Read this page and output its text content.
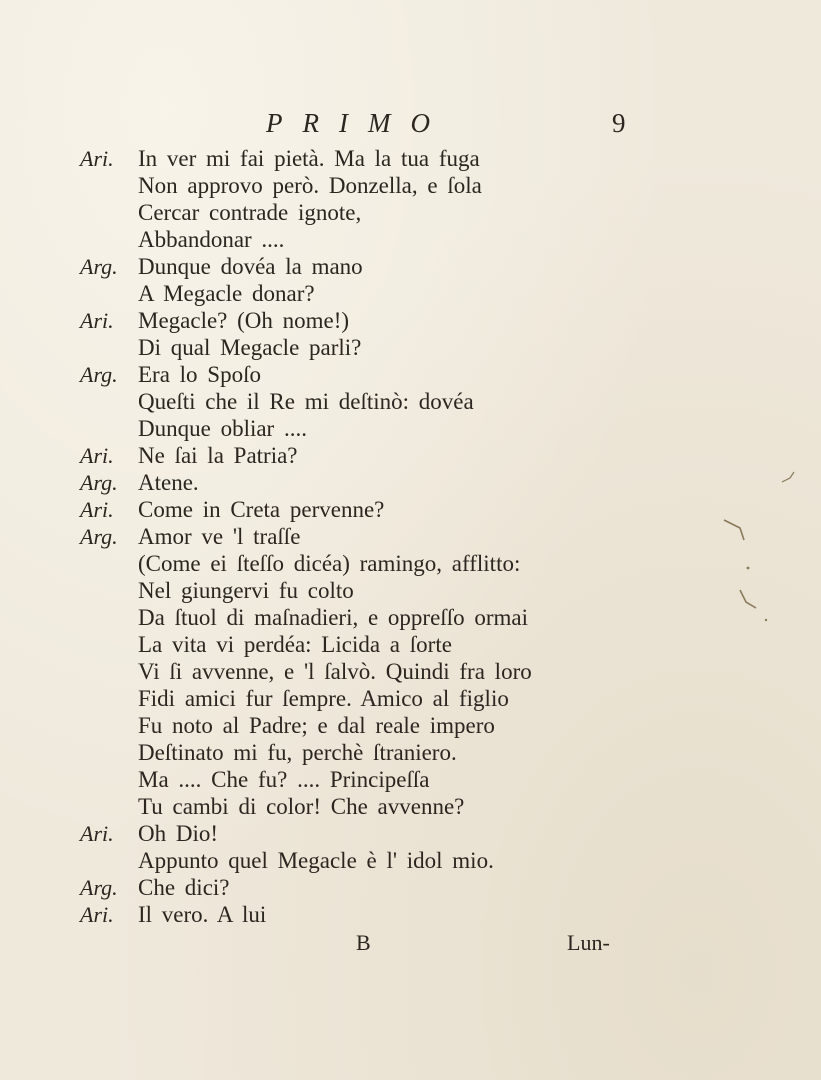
PRIMO	9
Ari. In ver mi fai pietà. Ma la tua fuga
Non approvo però. Donzella, e ſola
Cercar contrade ignote,
Abbandonar ....
Arg. Dunque dovéa la mano
A Megacle donar?
Ari. Megacle? (Oh nome!)
Di qual Megacle parli?
Arg. Era lo Spoſo
Queſti che il Re mi deſtinò: dovéa
Dunque obliar ....
Ari. Ne ſai la Patria?
Arg. Atene.
Ari. Come in Creta pervenne?
Arg. Amor ve 'l traſſe
(Come ei ſteſſo dicéa) ramingo, afflitto:
Nel giungervi fu colto
Da ſtuol di maſnadieri, e oppreſſo ormai
La vita vi perdéa: Licida a ſorte
Vi ſi avvenne, e 'l ſalvò. Quindi fra loro
Fidi amici fur ſempre. Amico al figlio
Fu noto al Padre; e dal reale impero
Deſtinato mi fu, perchè ſtraniero.
Ma .... Che fu? .... Principeſſa
Tu cambi di color! Che avvenne?
Ari. Oh Dio!
Appunto quel Megacle è l' idol mio.
Arg. Che dici?
Ari. Il vero. A lui
B	Lun-
